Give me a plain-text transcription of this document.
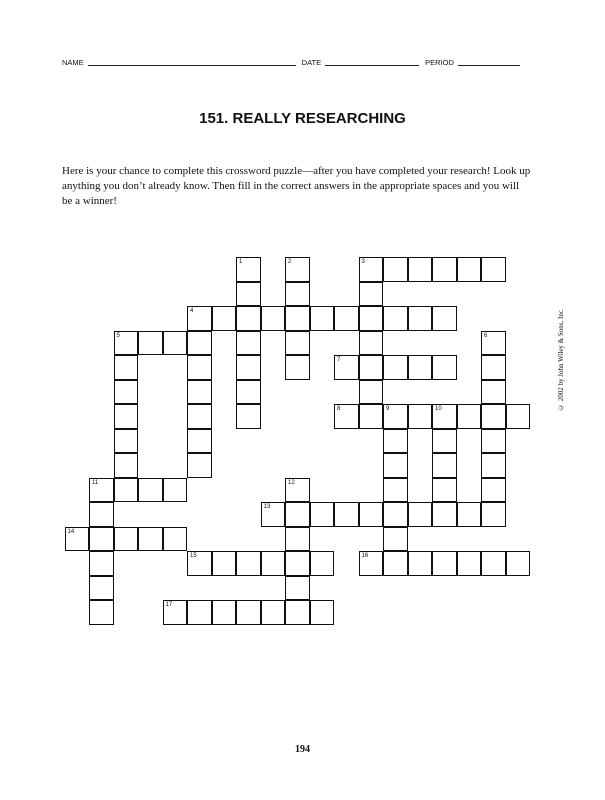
NAME	DATE	PERIOD
151. REALLY RESEARCHING
Here is your chance to complete this crossword puzzle—after you have completed your research! Look up anything you don’t already know. Then fill in the correct answers in the appropriate spaces and you will be a winner!
3
4
5
7
8	9	10
11
13
14
15	16
17
1	2
6
12
© 2002 by John Wiley & Sons, Inc.
194
